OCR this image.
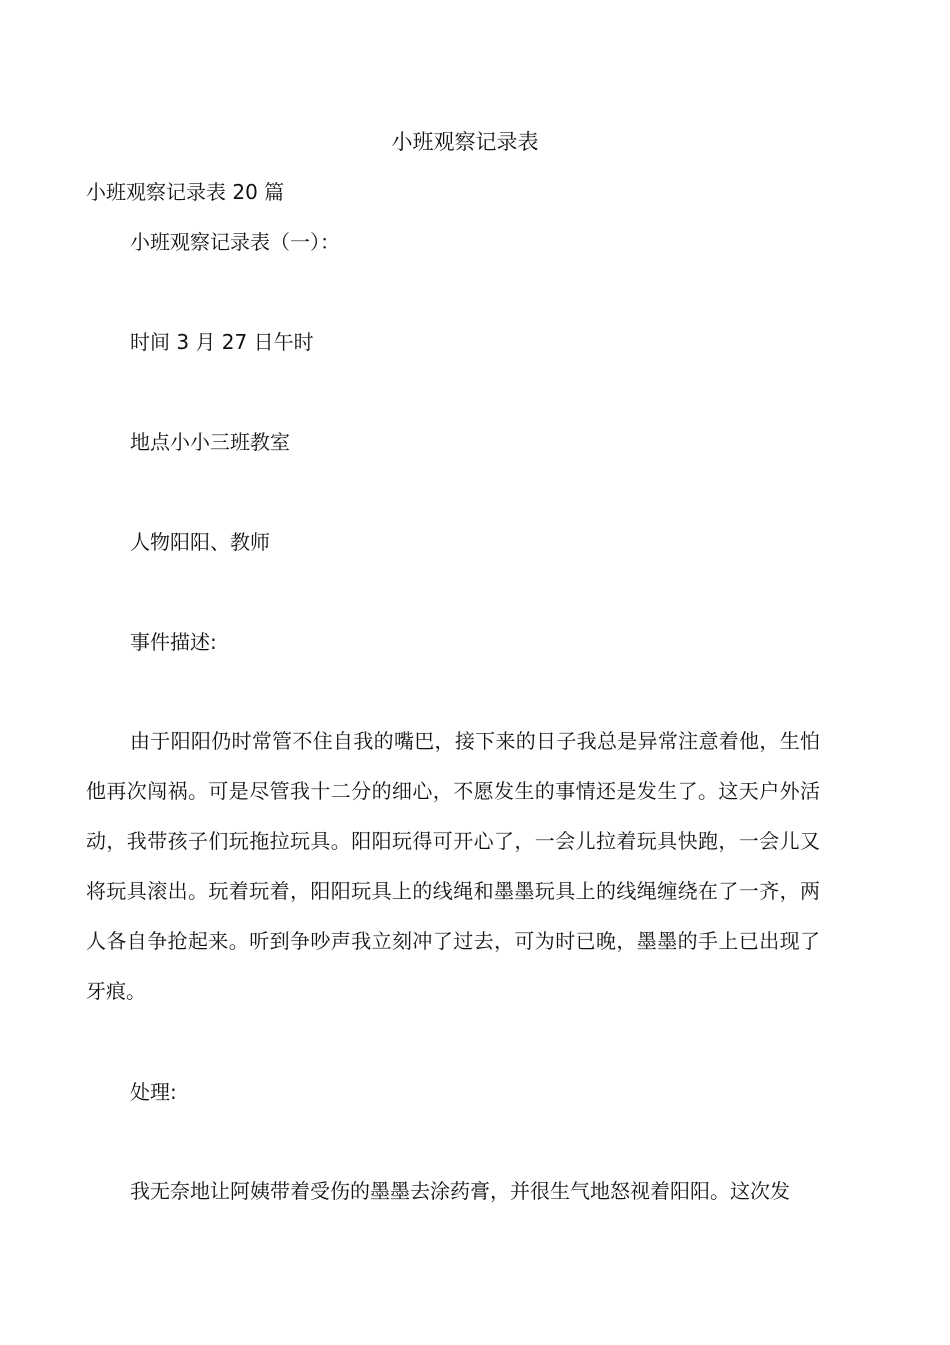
小班观察记录表
小班观察记录表 20 篇
小班观察记录表（一）：
时间 3 月 27 日午时
地点小小三班教室
人物阳阳、教师
事件描述:
由于阳阳仍时常管不住自我的嘴巴，接下来的日子我总是异常注意着他，生怕他再次闯祸。可是尽管我十二分的细心，不愿发生的事情还是发生了。这天户外活动，我带孩子们玩拖拉玩具。阳阳玩得可开心了，一会儿拉着玩具快跑，一会儿又将玩具滚出。玩着玩着，阳阳玩具上的线绳和墨墨玩具上的线绳缠绕在了一齐，两人各自争抢起来。听到争吵声我立刻冲了过去，可为时已晚，墨墨的手上已出现了牙痕。
处理:
我无奈地让阿姨带着受伤的墨墨去涂药膏，并很生气地怒视着阳阳。这次发
